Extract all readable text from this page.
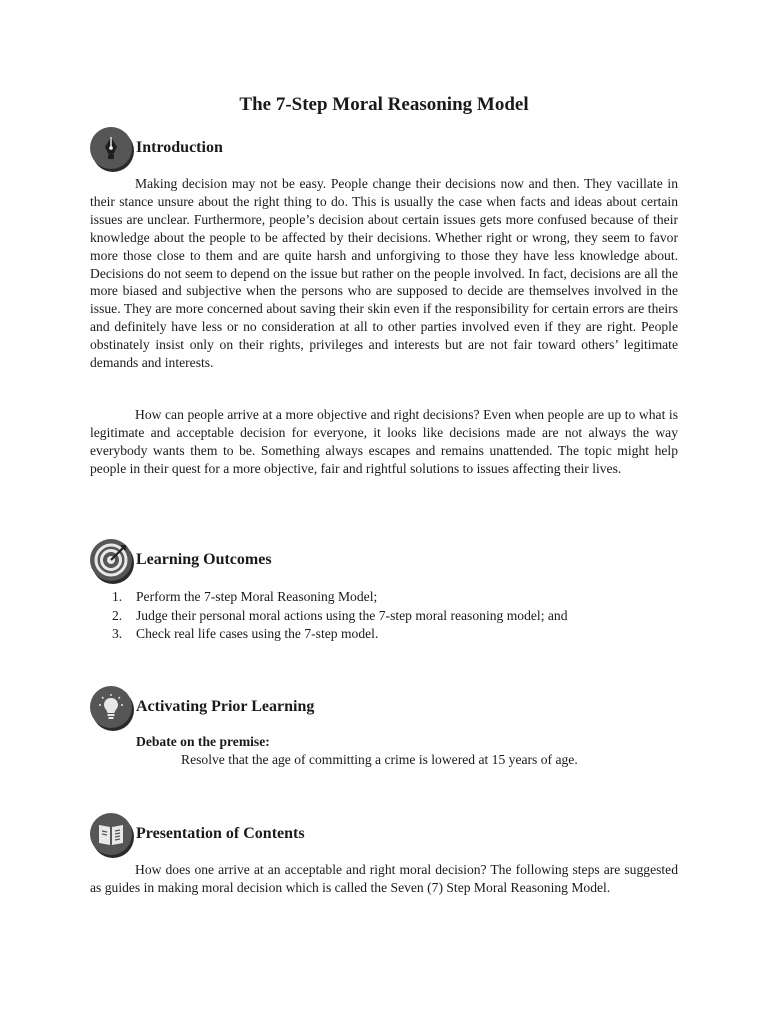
The 7-Step Moral Reasoning Model
Introduction

Making decision may not be easy. People change their decisions now and then. They vacillate in their stance unsure about the right thing to do. This is usually the case when facts and ideas about certain issues are unclear. Furthermore, people’s decision about certain issues gets more confused because of their knowledge about the people to be affected by their decisions. Whether right or wrong, they seem to favor more those close to them and are quite harsh and unforgiving to those they have less knowledge about. Decisions do not seem to depend on the issue but rather on the people involved. In fact, decisions are all the more biased and subjective when the persons who are supposed to decide are themselves involved in the issue. They are more concerned about saving their skin even if the responsibility for certain errors are theirs and definitely have less or no consideration at all to other parties involved even if they are right. People obstinately insist only on their rights, privileges and interests but are not fair toward others’ legitimate demands and interests.

How can people arrive at a more objective and right decisions? Even when people are up to what is legitimate and acceptable decision for everyone, it looks like decisions made are not always the way everybody wants them to be. Something always escapes and remains unattended. The topic might help people in their quest for a more objective, fair and rightful solutions to issues affecting their lives.

Learning Outcomes
1.	Perform the 7-step Moral Reasoning Model;
2.	Judge their personal moral actions using the 7-step moral reasoning model; and
3.	Check real life cases using the 7-step model.
Activating Prior Learning
Debate on the premise:
Resolve that the age of committing a crime is lowered at 15 years of age.
Presentation of Contents

How does one arrive at an acceptable and right moral decision? The following steps are suggested as guides in making moral decision which is called the Seven (7) Step Moral Reasoning Model.
